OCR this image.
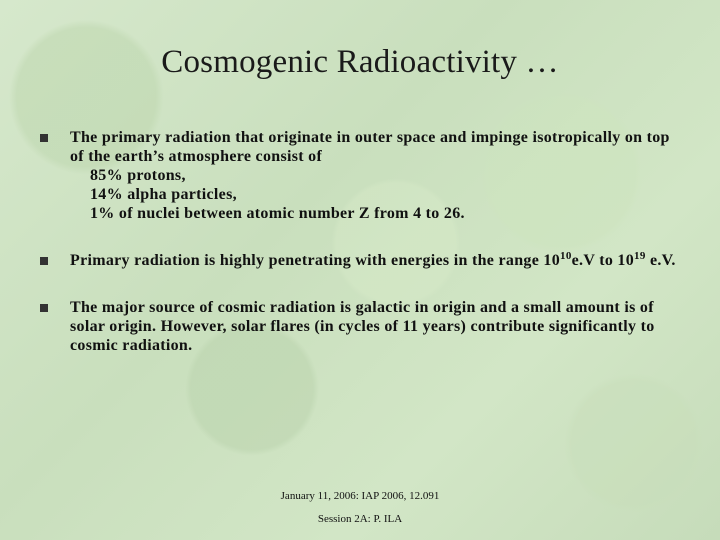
Cosmogenic Radioactivity …
The primary radiation that originate in outer space and impinge isotropically on top of the earth’s atmosphere consist of
85% protons,
14% alpha particles,
1% of nuclei between atomic number Z from 4 to 26.
Primary radiation is highly penetrating with energies in the range $10^{10}e.V$ to $10^{19}$ e.V.
The major source of cosmic radiation is galactic in origin and a small amount is of solar origin. However, solar flares (in cycles of 11 years) contribute significantly to cosmic radiation.
January 11, 2006: IAP 2006, 12.091
Session 2A: P. ILA
